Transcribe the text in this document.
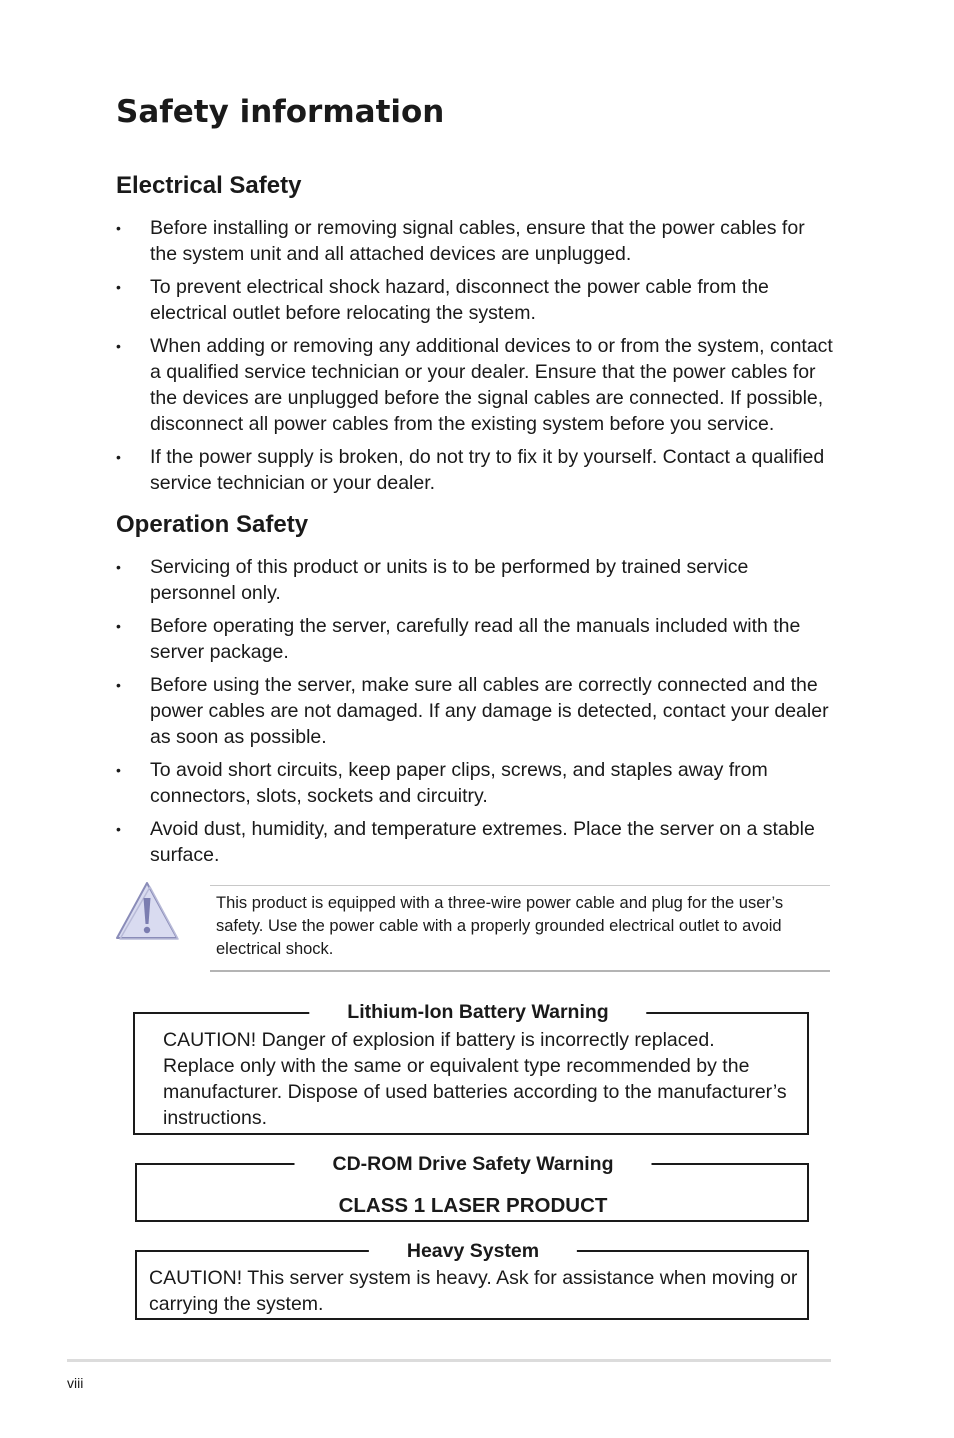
Safety information
Electrical Safety
• Before installing or removing signal cables, ensure that the power cables for the system unit and all attached devices are unplugged.
• To prevent electrical shock hazard, disconnect the power cable from the electrical outlet before relocating the system.
• When adding or removing any additional devices to or from the system, contact a qualified service technician or your dealer. Ensure that the power cables for the devices are unplugged before the signal cables are connected. If possible, disconnect all power cables from the existing system before you service.
• If the power supply is broken, do not try to fix it by yourself. Contact a qualified service technician or your dealer.
Operation Safety
• Servicing of this product or units is to be performed by trained service personnel only.
• Before operating the server, carefully read all the manuals included with the server package.
• Before using the server, make sure all cables are correctly connected and the power cables are not damaged. If any damage is detected, contact your dealer as soon as possible.
• To avoid short circuits, keep paper clips, screws, and staples away from connectors, slots, sockets and circuitry.
• Avoid dust, humidity, and temperature extremes. Place the server on a stable surface.
This product is equipped with a three-wire power cable and plug for the user’s safety. Use the power cable with a properly grounded electrical outlet to avoid electrical shock.
Lithium-Ion Battery Warning
CAUTION! Danger of explosion if battery is incorrectly replaced. Replace only with the same or equivalent type recommended by the manufacturer. Dispose of used batteries according to the manufacturer’s instructions.
CD-ROM Drive Safety Warning
CLASS 1 LASER PRODUCT
Heavy System
CAUTION! This server system is heavy. Ask for assistance when moving or carrying the system.
viii
